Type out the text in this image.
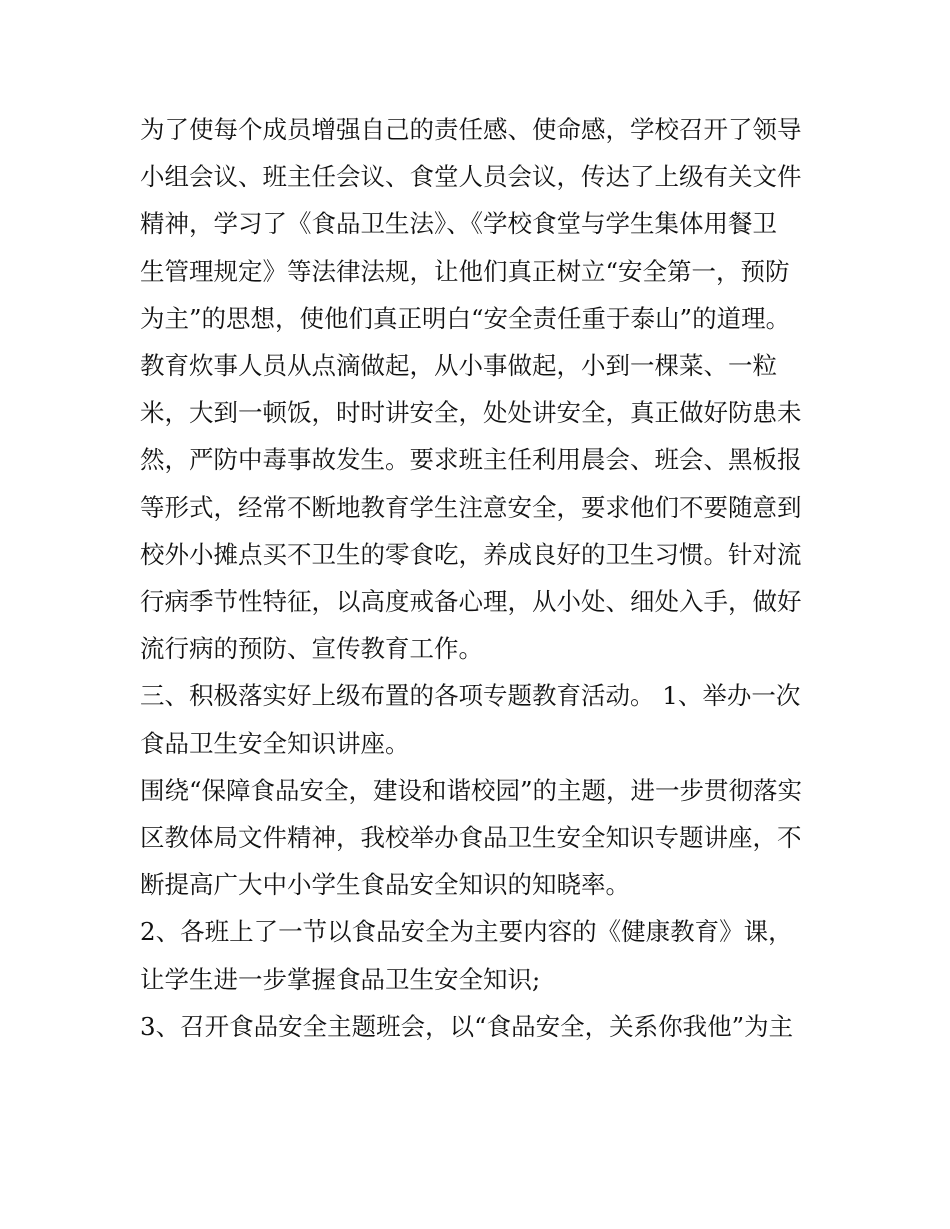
为了使每个成员增强自己的责任感、使命感，学校召开了领导
小组会议、班主任会议、食堂人员会议，传达了上级有关文件
精神，学习了《食品卫生法》、《学校食堂与学生集体用餐卫
生管理规定》等法律法规，让他们真正树立“安全第一，预防
为主”的思想，使他们真正明白“安全责任重于泰山”的道理。

教育炊事人员从点滴做起，从小事做起，小到一棵菜、一粒
米，大到一顿饭，时时讲安全，处处讲安全，真正做好防患未
然，严防中毒事故发生。要求班主任利用晨会、班会、黑板报
等形式，经常不断地教育学生注意安全，要求他们不要随意到
校外小摊点买不卫生的零食吃，养成良好的卫生习惯。针对流
行病季节性特征，以高度戒备心理，从小处、细处入手，做好
流行病的预防、宣传教育工作。

三、积极落实好上级布置的各项专题教育活动。 1、举办一次
食品卫生安全知识讲座。

围绕“保障食品安全，建设和谐校园”的主题，进一步贯彻落实
区教体局文件精神，我校举办食品卫生安全知识专题讲座，不
断提高广大中小学生食品安全知识的知晓率。

2、各班上了一节以食品安全为主要内容的《健康教育》课，
让学生进一步掌握食品卫生安全知识;

3、召开食品安全主题班会，以“食品安全，关系你我他”为主
